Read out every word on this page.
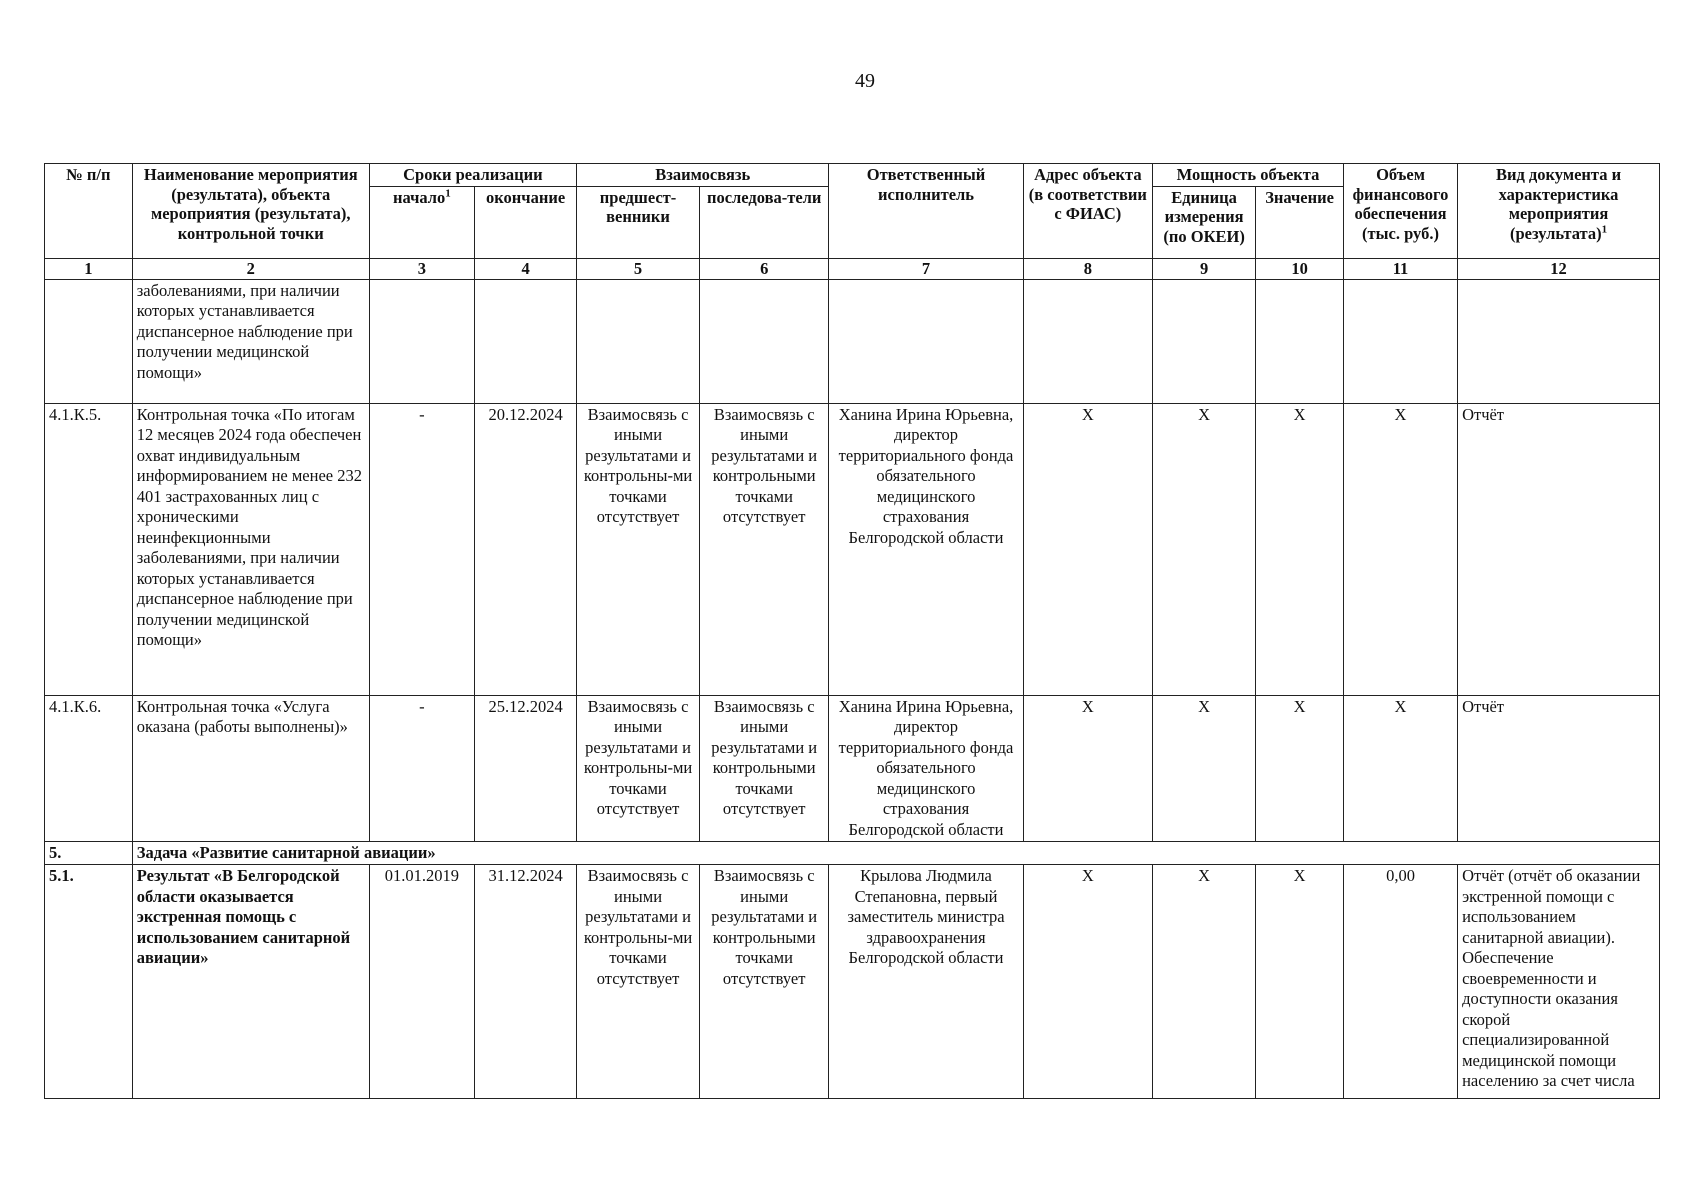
49
№ п/п	Наименование мероприятия (результата), объекта мероприятия (результата), контрольной точки	Сроки реализации		Взаимосвязь		Ответственный исполнитель	Адрес объекта (в соответствии с ФИАС)	Мощность объекта		Объем финансового обеспечения (тыс. руб.)	Вид документа и характеристика мероприятия (результата)$^1$
		начало$^1$	окончание	предшест-венники	последова-тели			Единица измерения (по ОКЕИ)	Значение		
1	2	3	4	5	6	7	8	9	10	11	12
	заболеваниями, при наличии которых устанавливается диспансерное наблюдение при получении медицинской помощи»										
4.1.К.5.	Контрольная точка «По итогам 12 месяцев 2024 года обеспечен охват индивидуальным информированием не менее 232 401 застрахованных лиц с хроническими неинфекционными заболеваниями, при наличии которых устанавливается диспансерное наблюдение при получении медицинской помощи»	-	20.12.2024	Взаимосвязь с иными результатами и контрольны-ми точками отсутствует	Взаимосвязь с иными результатами и контрольными точками отсутствует	Ханина Ирина Юрьевна, директор территориального фонда обязательного медицинского страхования Белгородской области	Х	Х	Х	Х	Отчёт
4.1.К.6.	Контрольная точка «Услуга оказана (работы выполнены)»	-	25.12.2024	Взаимосвязь с иными результатами и контрольны-ми точками отсутствует	Взаимосвязь с иными результатами и контрольными точками отсутствует	Ханина Ирина Юрьевна, директор территориального фонда обязательного медицинского страхования Белгородской области	Х	Х	Х	Х	Отчёт
5.	Задача «Развитие санитарной авиации»										
5.1.	Результат «В Белгородской области оказывается экстренная помощь с использованием санитарной авиации»	01.01.2019	31.12.2024	Взаимосвязь с иными результатами и контрольны-ми точками отсутствует	Взаимосвязь с иными результатами и контрольными точками отсутствует	Крылова Людмила Степановна, первый заместитель министра здравоохранения Белгородской области	Х	Х	Х	0,00	Отчёт (отчёт об оказании экстренной помощи с использованием санитарной авиации). Обеспечение своевременности и доступности оказания скорой специализированной медицинской помощи населению за счет числа
